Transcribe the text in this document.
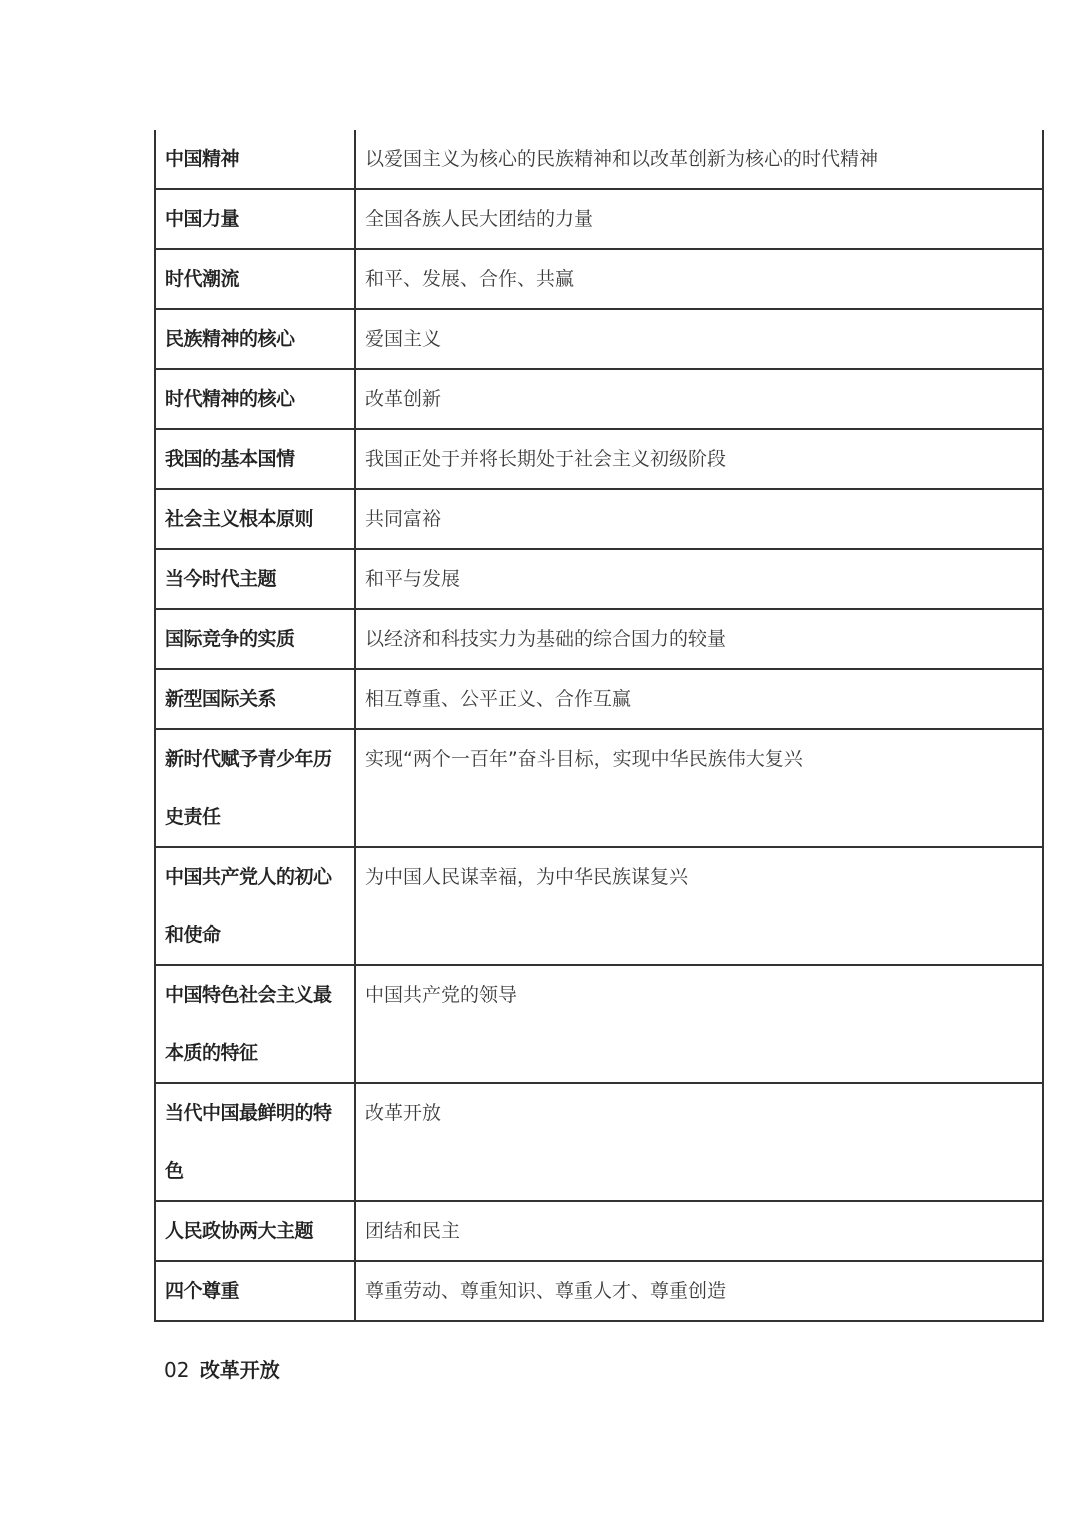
中国精神	以爱国主义为核心的民族精神和以改革创新为核心的时代精神
中国力量	全国各族人民大团结的力量
时代潮流	和平、发展、合作、共赢
民族精神的核心	爱国主义
时代精神的核心	改革创新
我国的基本国情	我国正处于并将长期处于社会主义初级阶段
社会主义根本原则	共同富裕
当今时代主题	和平与发展
国际竞争的实质	以经济和科技实力为基础的综合国力的较量
新型国际关系	相互尊重、公平正义、合作互赢
新时代赋予青少年历史责任	实现“两个一百年”奋斗目标，实现中华民族伟大复兴
中国共产党人的初心和使命	为中国人民谋幸福，为中华民族谋复兴
中国特色社会主义最本质的特征	中国共产党的领导
当代中国最鲜明的特色	改革开放
人民政协两大主题	团结和民主
四个尊重	尊重劳动、尊重知识、尊重人才、尊重创造
02 改革开放
